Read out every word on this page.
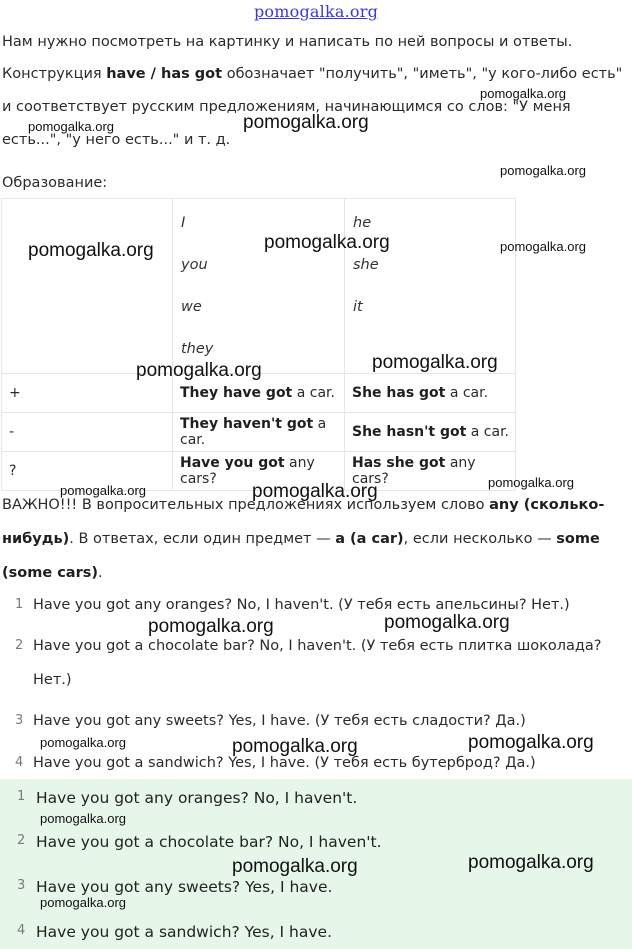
pomogalka.org
Нам нужно посмотреть на картинку и написать по ней вопросы и ответы.
Конструкция have / has got обозначает "получить", "иметь", "у кого-либо есть"
и соответствует русским предложениям, начинающимся со слов: "У меня
есть...", "у него есть..." и т. д.
Образование:

	I
you
we
they	he
she
it

+	They have got a car.	She has got a car.
-	They haven't got a car.	She hasn't got a car.
?	Have you got any cars?	Has she got any cars?
ВАЖНО!!! В вопросительных предложениях используем слово any (сколько-
нибудь). В ответах, если один предмет — a (a car), если несколько — some
(some cars).
1 Have you got any oranges? No, I haven't. (У тебя есть апельсины? Нет.)
2 Have you got a chocolate bar? No, I haven't. (У тебя есть плитка шоколада?
Нет.)
3 Have you got any sweets? Yes, I have. (У тебя есть сладости? Да.)
4 Have you got a sandwich? Yes, I have. (У тебя есть бутерброд? Да.)
1 Have you got any oranges? No, I haven't.
2 Have you got a chocolate bar? No, I haven't.
3 Have you got any sweets? Yes, I have.
4 Have you got a sandwich? Yes, I have.
pomogalka.org
pomogalka.org
pomogalka.org
pomogalka.org
pomogalka.org	pomogalka.org	pomogalka.org
pomogalka.org	pomogalka.org
pomogalka.org
pomogalka.org	pomogalka.org
pomogalka.org	pomogalka.org
pomogalka.org	pomogalka.org	pomogalka.org
pomogalka.org
pomogalka.org	pomogalka.org
pomogalka.org
